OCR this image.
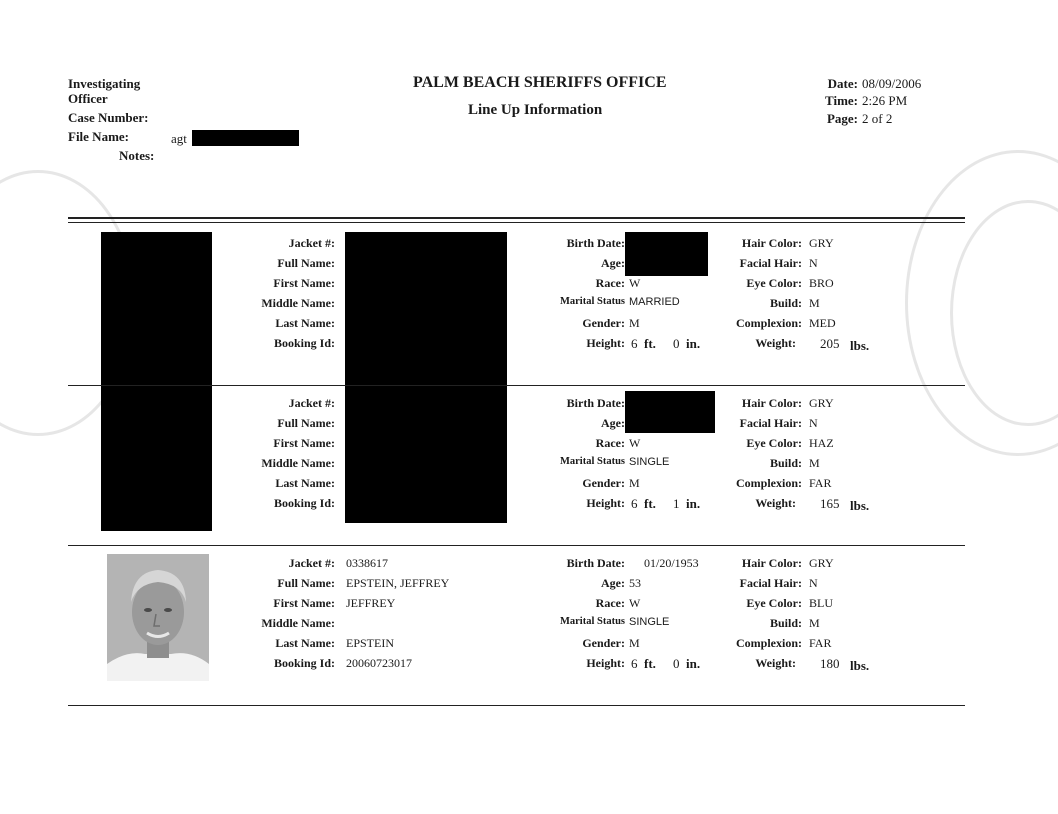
Investigating
Officer
Case Number:
File Name:	agt
Notes:
PALM BEACH SHERIFFS OFFICE
Line Up Information
Date: 08/09/2006
Time: 2:26 PM
Page: 2 of 2
Jacket #:
Full Name:
First Name:
Middle Name:
Last Name:
Booking Id:
Birth Date:
Age:
Race: W
Marital Status MARRIED
Gender: M
Height: 6 ft. 0 in.
Hair Color: GRY
Facial Hair: N
Eye Color: BRO
Build: M
Complexion: MED
Weight: 205 lbs.
Jacket #:
Full Name:
First Name:
Middle Name:
Last Name:
Booking Id:
Birth Date:
Age:
Race: W
Marital Status SINGLE
Gender: M
Height: 6 ft. 1 in.
Hair Color: GRY
Facial Hair: N
Eye Color: HAZ
Build: M
Complexion: FAR
Weight: 165 lbs.
Jacket #: 0338617
Full Name: EPSTEIN, JEFFREY
First Name: JEFFREY
Middle Name:
Last Name: EPSTEIN
Booking Id: 20060723017
Birth Date: 01/20/1953
Age: 53
Race: W
Marital Status SINGLE
Gender: M
Height: 6 ft. 0 in.
Hair Color: GRY
Facial Hair: N
Eye Color: BLU
Build: M
Complexion: FAR
Weight: 180 lbs.
